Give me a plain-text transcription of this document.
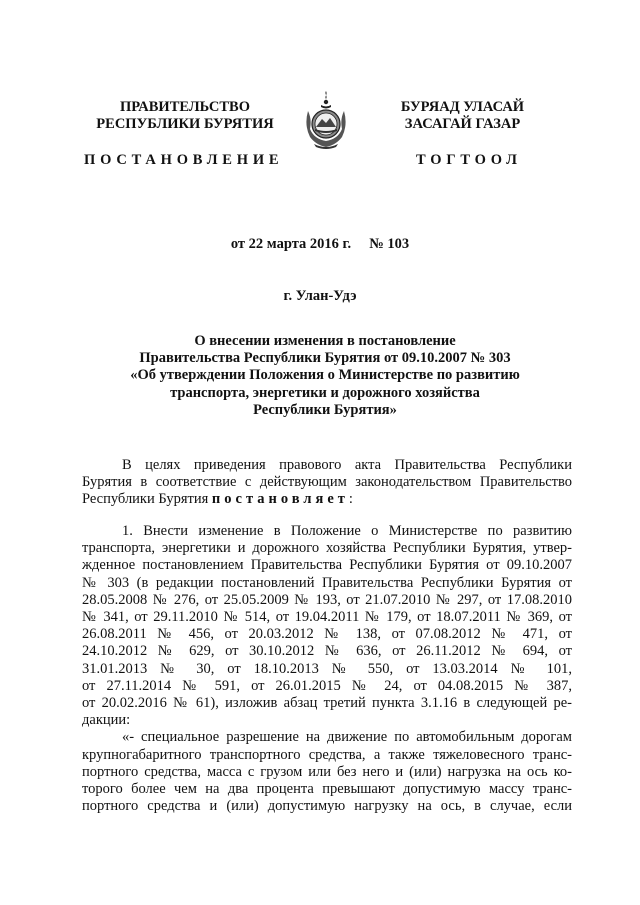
ПРАВИТЕЛЬСТВО
РЕСПУБЛИКИ БУРЯТИЯ
БУРЯАД УЛАСАЙ
ЗАСАГАЙ ГАЗАР
ПОСТАНОВЛЕНИЕ	ТОГТООЛ
от 22 марта 2016 г.     № 103
г. Улан-Удэ
О внесении изменения в постановление
Правительства Республики Бурятия от 09.10.2007 № 303
«Об утверждении Положения о Министерстве по развитию
транспорта, энергетики и дорожного хозяйства
Республики Бурятия»
В целях приведения правового акта Правительства Республики
Бурятия в соответствие с действующим законодательством Правительство
Республики Бурятия постановляет:
1. Внести изменение в Положение о Министерстве по развитию
транспорта, энергетики и дорожного хозяйства Республики Бурятия, утвер-
жденное постановлением Правительства Республики Бурятия от 09.10.2007
№ 303 (в редакции постановлений Правительства Республики Бурятия от
28.05.2008 № 276, от 25.05.2009 № 193, от 21.07.2010 № 297, от 17.08.2010
№ 341, от 29.11.2010 № 514, от 19.04.2011 № 179, от 18.07.2011 № 369, от
26.08.2011 № 456, от 20.03.2012 № 138, от 07.08.2012 № 471, от
24.10.2012 № 629, от 30.10.2012 № 636, от 26.11.2012 № 694, от
31.01.2013 № 30, от 18.10.2013 № 550, от 13.03.2014 № 101,
от 27.11.2014 № 591, от 26.01.2015 № 24, от 04.08.2015 № 387,
от 20.02.2016 № 61), изложив абзац третий пункта 3.1.16 в следующей ре-
дакции:
«- специальное разрешение на движение по автомобильным дорогам
крупногабаритного транспортного средства, а также тяжеловесного транс-
портного средства, масса с грузом или без него и (или) нагрузка на ось ко-
торого более чем на два процента превышают допустимую массу транс-
портного средства и (или) допустимую нагрузку на ось, в случае, если
